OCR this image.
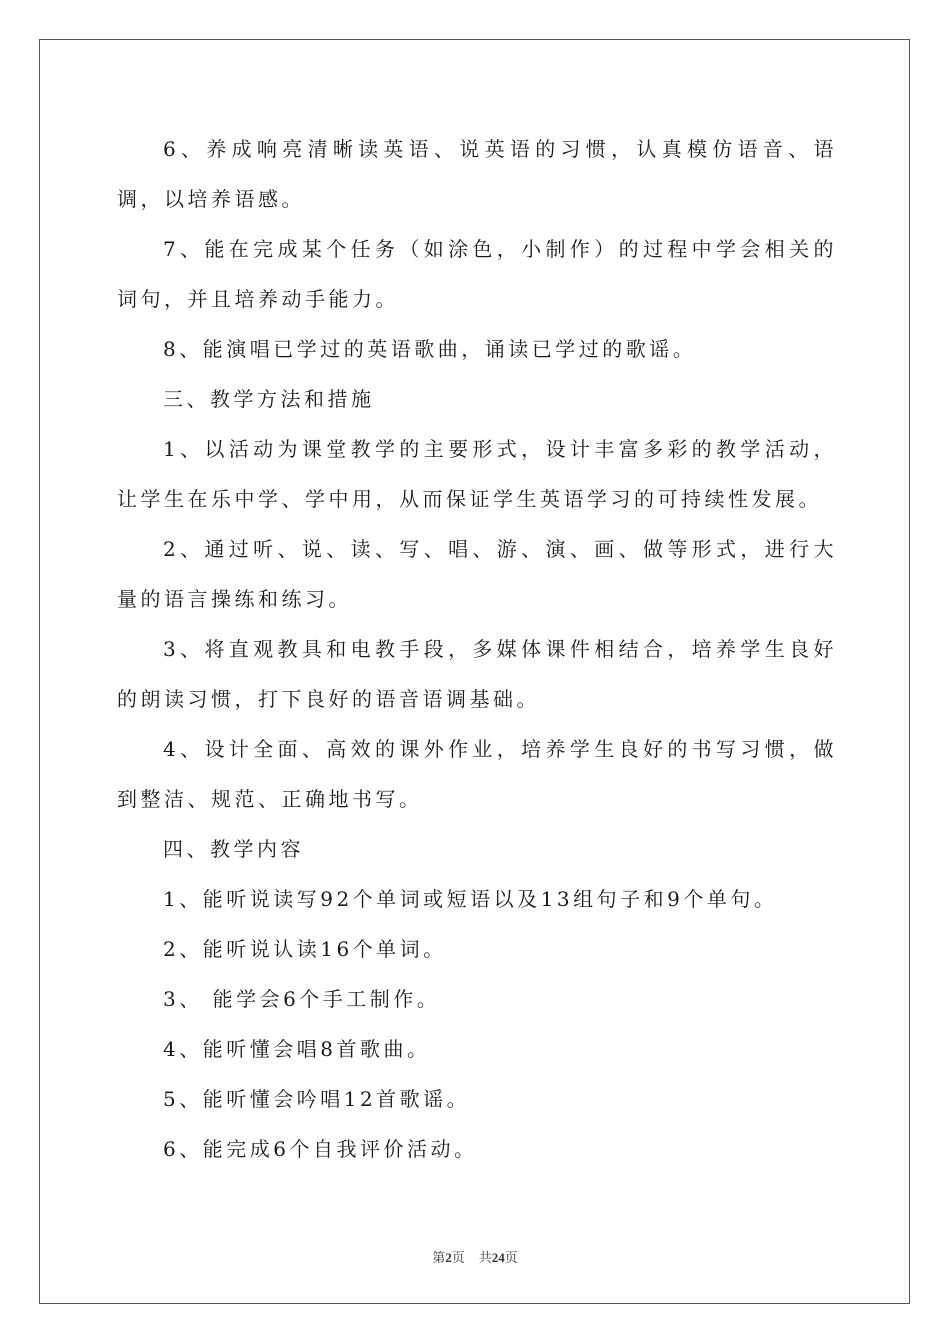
6、养成响亮清晰读英语、说英语的习惯，认真模仿语音、语调，以培养语感。

7、能在完成某个任务（如涂色，小制作）的过程中学会相关的词句，并且培养动手能力。

8、能演唱已学过的英语歌曲，诵读已学过的歌谣。

三、教学方法和措施

1、以活动为课堂教学的主要形式，设计丰富多彩的教学活动，让学生在乐中学、学中用，从而保证学生英语学习的可持续性发展。

2、通过听、说、读、写、唱、游、演、画、做等形式，进行大量的语言操练和练习。

3、将直观教具和电教手段，多媒体课件相结合，培养学生良好的朗读习惯，打下良好的语音语调基础。

4、设计全面、高效的课外作业，培养学生良好的书写习惯，做到整洁、规范、正确地书写。

四、教学内容

1、能听说读写92个单词或短语以及13组句子和9个单句。

2、能听说认读16个单词。

3、 能学会6个手工制作。

4、能听懂会唱8首歌曲。

5、能听懂会吟唱12首歌谣。

6、能完成6个自我评价活动。

第2页 共24页
